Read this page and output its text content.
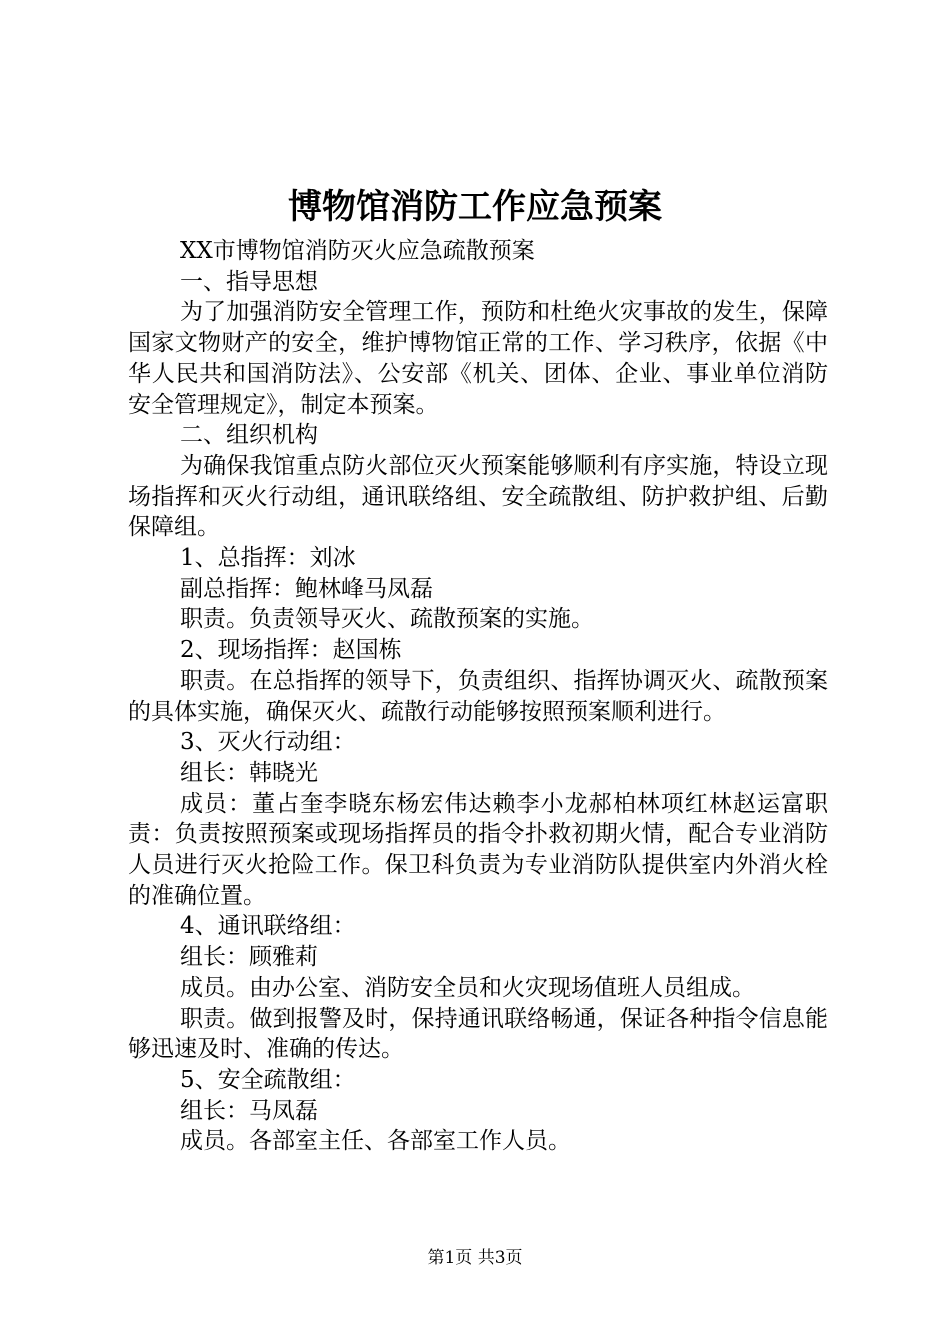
博物馆消防工作应急预案

XX市博物馆消防灭火应急疏散预案

一、指导思想

为了加强消防安全管理工作，预防和杜绝火灾事故的发生，保障国家文物财产的安全，维护博物馆正常的工作、学习秩序，依据《中华人民共和国消防法》、公安部《机关、团体、企业、事业单位消防安全管理规定》，制定本预案。

二、组织机构

为确保我馆重点防火部位灭火预案能够顺利有序实施，特设立现场指挥和灭火行动组，通讯联络组、安全疏散组、防护救护组、后勤保障组。

1、总指挥：刘冰

副总指挥：鲍林峰马凤磊

职责。负责领导灭火、疏散预案的实施。

2、现场指挥：赵国栋

职责。在总指挥的领导下，负责组织、指挥协调灭火、疏散预案的具体实施，确保灭火、疏散行动能够按照预案顺利进行。

3、灭火行动组：

组长：韩晓光

成员：董占奎李晓东杨宏伟达赖李小龙郝柏林项红林赵运富职责：负责按照预案或现场指挥员的指令扑救初期火情，配合专业消防人员进行灭火抢险工作。保卫科负责为专业消防队提供室内外消火栓的准确位置。

4、通讯联络组：

组长：顾雅莉

成员。由办公室、消防安全员和火灾现场值班人员组成。

职责。做到报警及时，保持通讯联络畅通，保证各种指令信息能够迅速及时、准确的传达。

5、安全疏散组：

组长：马凤磊

成员。各部室主任、各部室工作人员。

第1页 共3页
